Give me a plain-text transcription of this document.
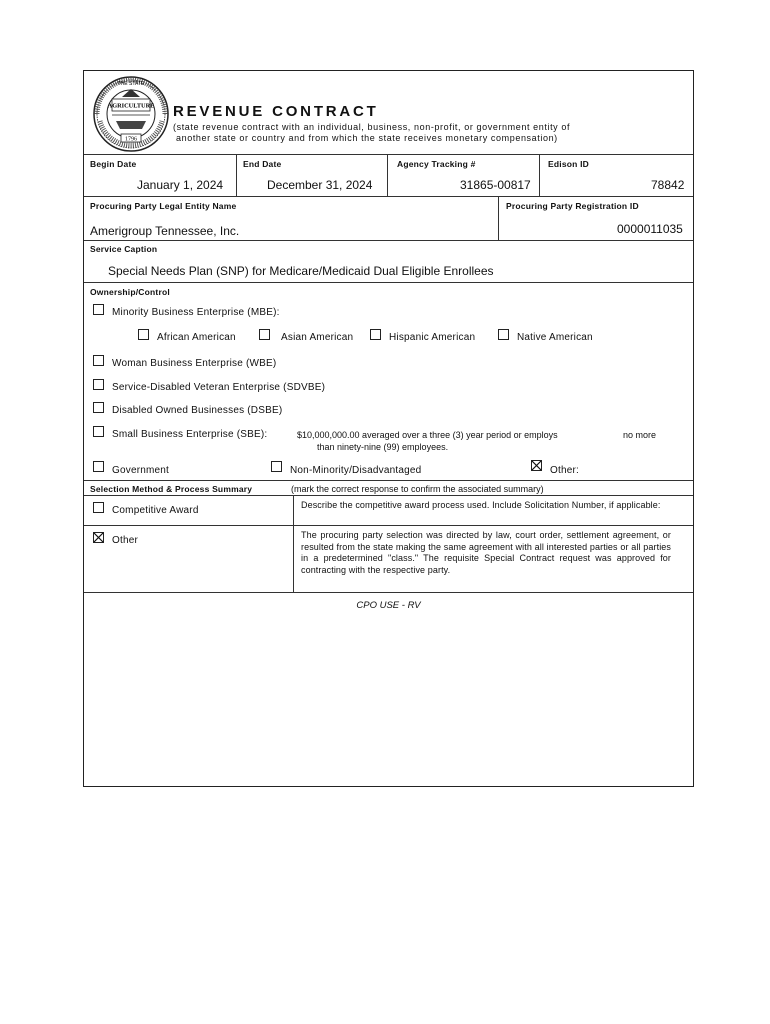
THE STATE
AGRICULTURE
1796
REVENUE CONTRACT
(state revenue contract with an individual, business, non-profit, or government entity of
another state or country and from which the state receives monetary compensation)
Begin Date
January 1, 2024
End Date
December 31, 2024
Agency Tracking #
31865-00817
Edison ID
78842
Procuring Party Legal Entity Name
Amerigroup Tennessee, Inc.
Procuring Party Registration ID
0000011035
Service Caption
Special Needs Plan (SNP) for Medicare/Medicaid Dual Eligible Enrollees
Ownership/Control
Minority Business Enterprise (MBE):
African American	Asian American	Hispanic American	Native American
Woman Business Enterprise (WBE)
Service-Disabled Veteran Enterprise (SDVBE)
Disabled Owned Businesses (DSBE)
Small Business Enterprise (SBE):	$10,000,000.00 averaged over a three (3) year period or employs	no more
than ninety-nine (99) employees.
Government	Non-Minority/Disadvantaged	Other:
Selection Method & Process Summary	(mark the correct response to confirm the associated summary)
Competitive Award	Describe the competitive award process used. Include Solicitation Number, if applicable:
Other	The procuring party selection was directed by law, court order, settlement agreement, or resulted from the state making the same agreement with all interested parties or all parties in a predetermined "class." The requisite Special Contract request was approved for contracting with the respective party.
CPO USE - RV
